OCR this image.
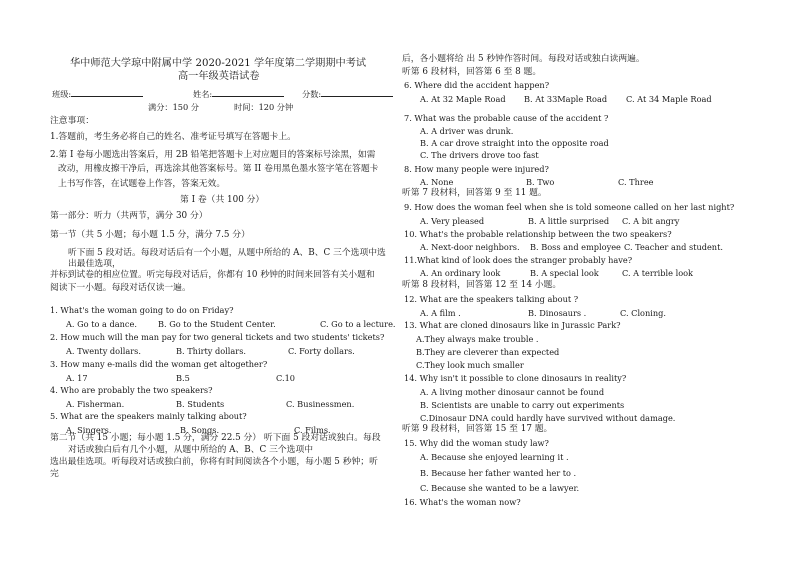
华中师范大学琼中附属中学 2020-2021 学年度第二学期期中考试
高一年级英语试卷
班级:	姓名:	分数:
满分：150 分	时间：120 分钟
注意事项：
1.答题前，考生务必将自己的姓名、准考证号填写在答题卡上。
2.第 I 卷每小题选出答案后，用 2B 铅笔把答题卡上对应题目的答案标号涂黑，如需
改动，用橡皮擦干净后，再选涂其他答案标号。第 II 卷用黑色墨水签字笔在答题卡
上书写作答，在试题卷上作答，答案无效。
第 I 卷（共 100 分）
第一部分：听力（共两节，满分 30 分）
第一节（共 5 小题；每小题 1.5 分，满分 7.5 分）
听下面 5 段对话。每段对话后有一个小题，从题中所给的 A、B、C 三个选项中选
出最佳选项，
并标到试卷的相应位置。听完每段对话后，你都有 10 秒钟的时间来回答有关小题和
阅读下一小题。每段对话仅读一遍。
1. What's the woman going to do on Friday?
A. Go to a dance.	B. Go to the Student Center.	C. Go to a lecture.
2. How much will the man pay for two general tickets and two students' tickets?
A. Twenty dollars.	B. Thirty dollars.	C. Forty dollars.
3. How many e-mails did the woman get altogether?
A. 17	B.5	C.10
4. Who are probably the two speakers?
A. Fisherman.	B. Students	C. Businessmen.
5. What are the speakers mainly talking about?
A. Singers.	B. Songs.	C. Films.
第二节（共 15 小题；每小题 1.5 分，满分 22.5 分） 听下面 5 段对话或独白。每段
对话或独白后有几个小题，从题中所给的 A、B、C 三个选项中
选出最佳选项。听每段对话或独白前，你将有时间阅读各个小题，每小题 5 秒钟；听
完
后，各小题将给 出 5 秒钟作答时间。每段对话或独白读两遍。
听第 6 段材料，回答第 6 至 8 题。
6. Where did the accident happen?
A. At 32 Maple Road B. At 33Maple Road C. At 34 Maple Road
7. What was the probable cause of the accident ?
A. A driver was drunk.
B. A car drove straight into the opposite road
C. The drivers drove too fast
8. How many people were injured?
A. None	B. Two	C. Three
听第 7 段材料，回答第 9 至 11 题。
9. How does the woman feel when she is told someone called on her last night?
A. Very pleased	B. A little surprised C. A bit angry
10. What's the probable relationship between the two speakers?
A. Next-door neighbors. B. Boss and employee C. Teacher and student.
11.What kind of look does the stranger probably have?
A. An ordinary look	B. A special look	C. A terrible look
听第 8 段材料，回答第 12 至 14 小题。
12. What are the speakers talking about ?
A. A film .	B. Dinosaurs .	C. Cloning.
13. What are cloned dinosaurs like in Jurassic Park?
A.They always make trouble .
B.They are cleverer than expected
C.They look much smaller
14. Why isn't it possible to clone dinosaurs in reality?
A. A living mother dinosaur cannot be found
B. Scientists are unable to carry out experiments
C.Dinosaur DNA could hardly have survived without damage.
听第 9 段材料，回答第 15 至 17 题。
15. Why did the woman study law?
A. Because she enjoyed learning it .
B. Because her father wanted her to .
C. Because she wanted to be a lawyer.
16. What's the woman now?
